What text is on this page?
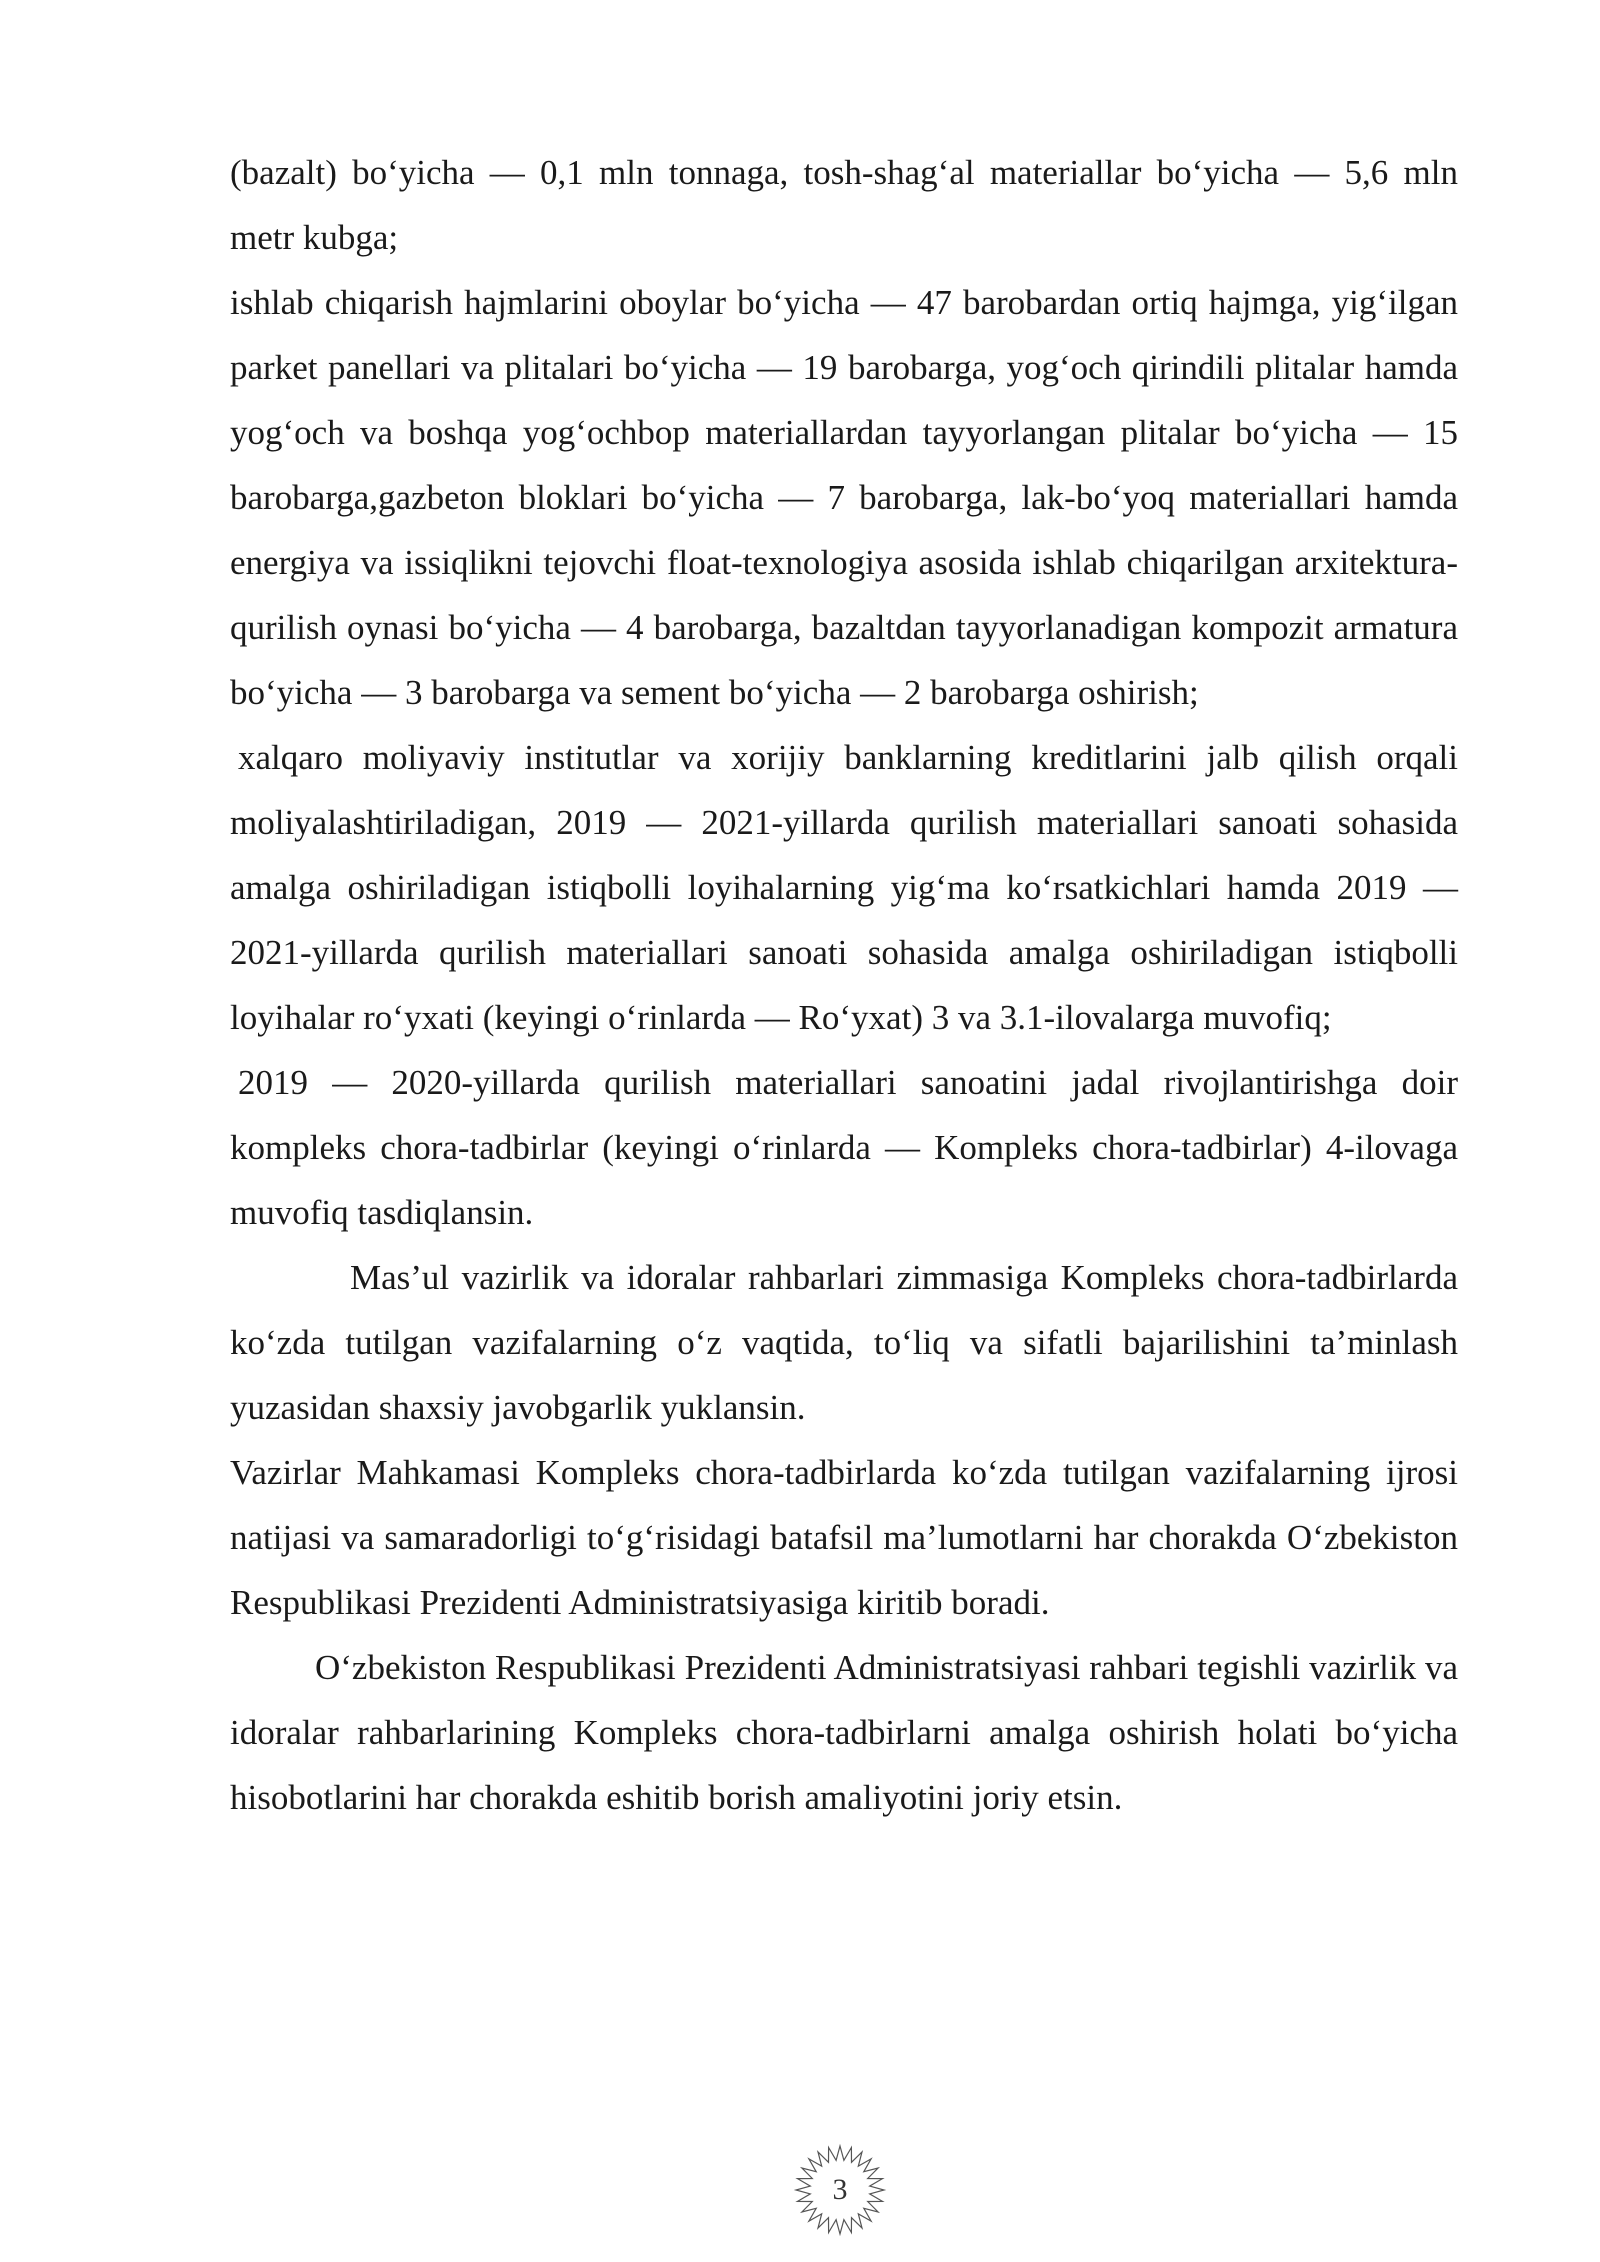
(bazalt) bo‘yicha — 0,1 mln tonnaga, tosh-shag‘al materiallar bo‘yicha — 5,6 mln metr kubga;

ishlab chiqarish hajmlarini oboylar bo‘yicha — 47 barobardan ortiq hajmga, yig‘ilgan parket panellari va plitalari bo‘yicha — 19 barobarga, yog‘och qirindili plitalar hamda yog‘och va boshqa yog‘ochbop materiallardan tayyorlangan plitalar bo‘yicha — 15 barobarga,gazbeton bloklari bo‘yicha — 7 barobarga, lak-bo‘yoq materiallari hamda energiya va issiqlikni tejovchi float-texnologiya asosida ishlab chiqarilgan arxitektura-qurilish oynasi bo‘yicha — 4 barobarga, bazaltdan tayyorlanadigan kompozit armatura bo‘yicha — 3 barobarga va sement bo‘yicha — 2 barobarga oshirish;

xalqaro moliyaviy institutlar va xorijiy banklarning kreditlarini jalb qilish orqali moliyalashtiriladigan, 2019 — 2021-yillarda qurilish materiallari sanoati sohasida amalga oshiriladigan istiqbolli loyihalarning yig‘ma ko‘rsatkichlari hamda 2019 — 2021-yillarda qurilish materiallari sanoati sohasida amalga oshiriladigan istiqbolli loyihalar ro‘yxati (keyingi o‘rinlarda — Ro‘yxat) 3 va 3.1-ilovalarga muvofiq;

2019 — 2020-yillarda qurilish materiallari sanoatini jadal rivojlantirishga doir kompleks chora-tadbirlar (keyingi o‘rinlarda — Kompleks chora-tadbirlar) 4-ilovaga muvofiq tasdiqlansin.

Mas’ul vazirlik va idoralar rahbarlari zimmasiga Kompleks chora-tadbirlarda ko‘zda tutilgan vazifalarning o‘z vaqtida, to‘liq va sifatli bajarilishini ta’minlash yuzasidan shaxsiy javobgarlik yuklansin.

Vazirlar Mahkamasi Kompleks chora-tadbirlarda ko‘zda tutilgan vazifalarning ijrosi natijasi va samaradorligi to‘g‘risidagi batafsil ma’lumotlarni har chorakda O‘zbekiston Respublikasi Prezidenti Administratsiyasiga kiritib boradi.

O‘zbekiston Respublikasi Prezidenti Administratsiyasi rahbari tegishli vazirlik va idoralar rahbarlarining Kompleks chora-tadbirlarni amalga oshirish holati bo‘yicha hisobotlarini har chorakda eshitib borish amaliyotini joriy etsin.

3
